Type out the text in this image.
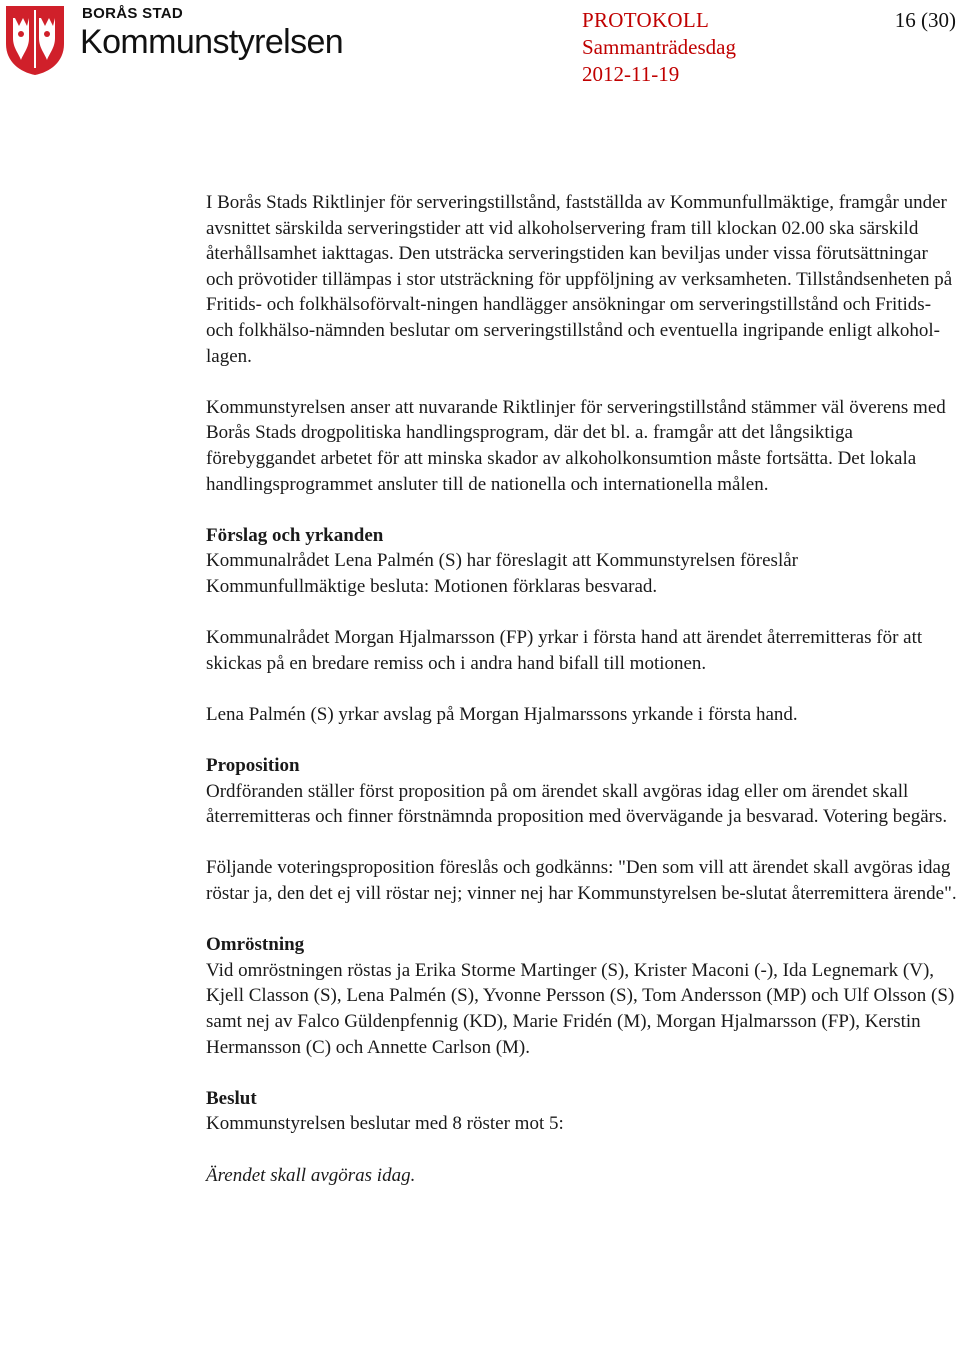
BORÅS STAD
Kommunstyrelsen
PROTOKOLL
Sammanträdesdag
2012-11-19
16 (30)

I Borås Stads Riktlinjer för serveringstillstånd, fastställda av Kommunfullmäktige, framgår under avsnittet särskilda serveringstider att vid alkoholservering fram till klockan 02.00 ska särskild återhållsamhet iakttagas. Den utsträcka serveringstiden kan beviljas under vissa förutsättningar och prövotider tillämpas i stor utsträckning för uppföljning av verksamheten. Tillståndsenheten på Fritids- och folkhälsoförvalt-ningen handlägger ansökningar om serveringstillstånd och Fritids- och folkhälso-nämnden beslutar om serveringstillstånd och eventuella ingripande enligt alkohol-lagen.

Kommunstyrelsen anser att nuvarande Riktlinjer för serveringstillstånd stämmer väl överens med Borås Stads drogpolitiska handlingsprogram, där det bl. a. framgår att det långsiktiga förebyggandet arbetet för att minska skador av alkoholkonsumtion måste fortsätta. Det lokala handlingsprogrammet ansluter till de nationella och internationella målen.

Förslag och yrkanden

Kommunalrådet Lena Palmén (S) har föreslagit att Kommunstyrelsen föreslår Kommunfullmäktige besluta: Motionen förklaras besvarad.

Kommunalrådet Morgan Hjalmarsson (FP) yrkar i första hand att ärendet återremitteras för att skickas på en bredare remiss och i andra hand bifall till motionen.

Lena Palmén (S) yrkar avslag på Morgan Hjalmarssons yrkande i första hand.

Proposition

Ordföranden ställer först proposition på om ärendet skall avgöras idag eller om ärendet skall återremitteras och finner förstnämnda proposition med övervägande ja besvarad. Votering begärs.

Följande voteringsproposition föreslås och godkänns: "Den som vill att ärendet skall avgöras idag röstar ja, den det ej vill röstar nej; vinner nej har Kommunstyrelsen be-slutat återremittera ärende".

Omröstning

Vid omröstningen röstas ja Erika Storme Martinger (S), Krister Maconi (-), Ida Legnemark (V), Kjell Classon (S), Lena Palmén (S), Yvonne Persson (S), Tom Andersson (MP) och Ulf Olsson (S) samt nej av Falco Güldenpfennig (KD), Marie Fridén (M), Morgan Hjalmarsson (FP), Kerstin Hermansson (C) och Annette Carlson (M).

Beslut

Kommunstyrelsen beslutar med 8 röster mot 5:

Ärendet skall avgöras idag.
